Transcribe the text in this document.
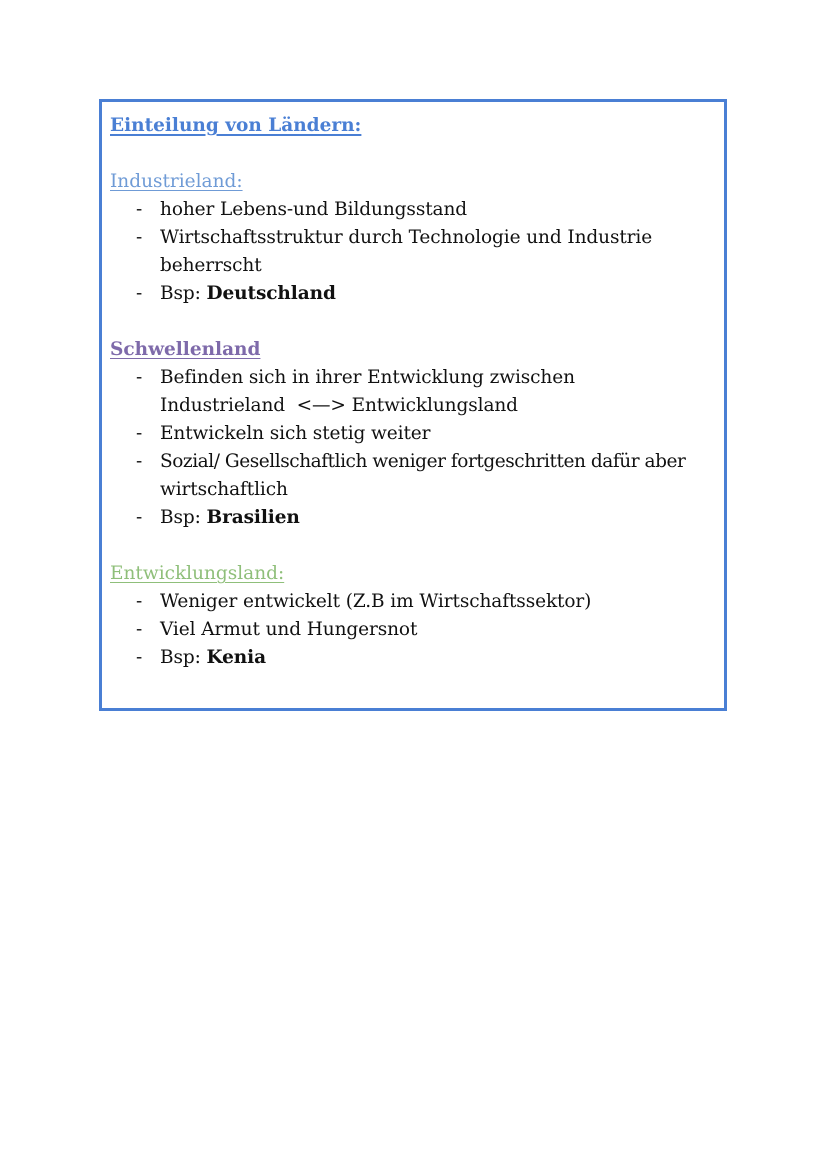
Einteilung von Ländern:
Industrieland:
- hoher Lebens-und Bildungsstand
- Wirtschaftsstruktur durch Technologie und Industrie
beherrscht
- Bsp: Deutschland
Schwellenland
- Befinden sich in ihrer Entwicklung zwischen
Industrieland  <—> Entwicklungsland
- Entwickeln sich stetig weiter
- Sozial/ Gesellschaftlich weniger fortgeschritten dafür aber
wirtschaftlich
- Bsp: Brasilien
Entwicklungsland:
- Weniger entwickelt (Z.B im Wirtschaftssektor)
- Viel Armut und Hungersnot
- Bsp: Kenia
